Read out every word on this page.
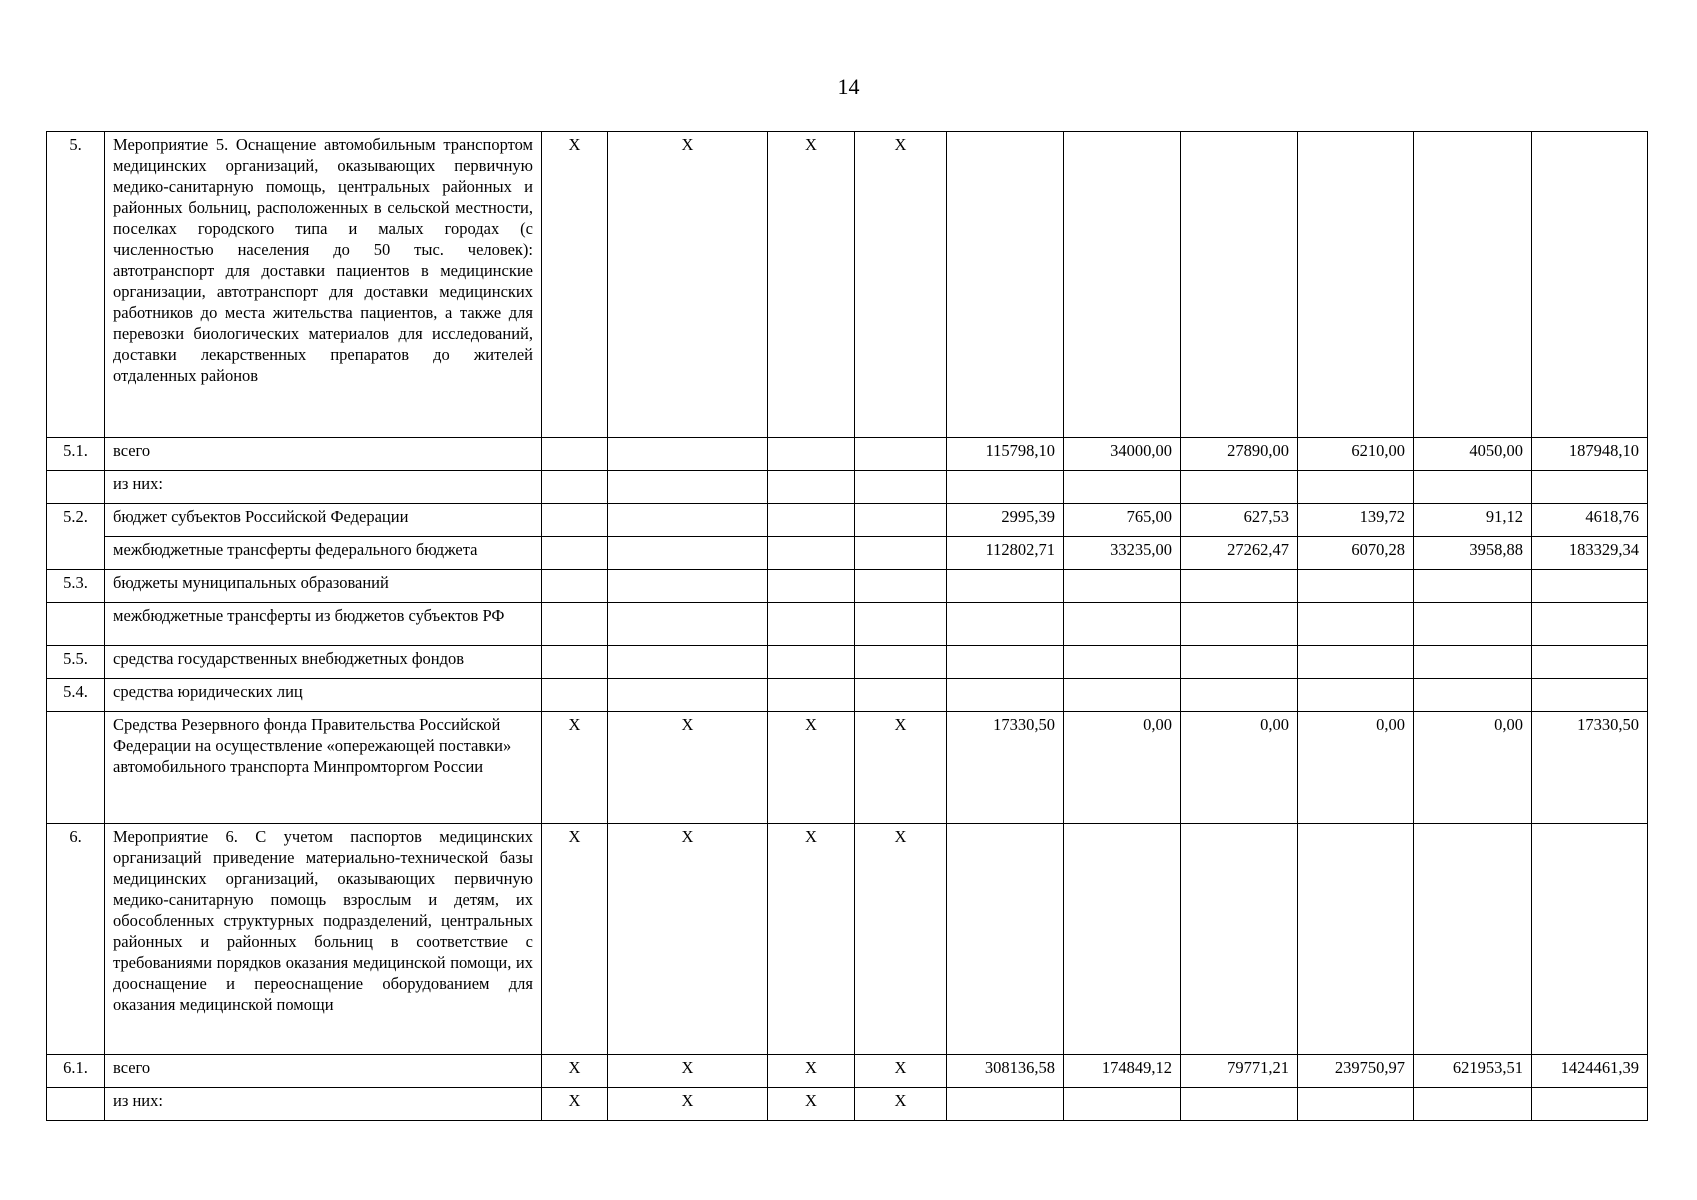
14
5.	Мероприятие 5. Оснащение автомобильным транспортом медицинских организаций, оказывающих первичную медико-санитарную помощь, центральных районных и районных больниц, расположенных в сельской местности, поселках городского типа и малых городах (с численностью населения до 50 тыс. человек): автотранспорт для доставки пациентов в медицинские организации, автотранспорт для доставки медицинских работников до места жительства пациентов, а также для перевозки биологических материалов для исследований, доставки лекарственных препаратов до жителей отдаленных районов	X	X	X	X						
5.1.	всего					115798,10	34000,00	27890,00	6210,00	4050,00	187948,10
	из них:										
5.2.	бюджет субъектов Российской Федерации					2995,39	765,00	627,53	139,72	91,12	4618,76
	межбюджетные трансферты федерального бюджета					112802,71	33235,00	27262,47	6070,28	3958,88	183329,34
5.3.	бюджеты муниципальных образований										
	межбюджетные трансферты из бюджетов субъектов РФ										
5.5.	средства государственных внебюджетных фондов										
5.4.	средства юридических лиц										
	Средства Резервного фонда Правительства Российской Федерации на осуществление «опережающей поставки» автомобильного транспорта Минпромторгом России	X	X	X	X	17330,50	0,00	0,00	0,00	0,00	17330,50
6.	Мероприятие 6. С учетом паспортов медицинских организаций приведение материально-технической базы медицинских организаций, оказывающих первичную медико-санитарную помощь взрослым и детям, их обособленных структурных подразделений, центральных районных и районных больниц в соответствие с требованиями порядков оказания медицинской помощи, их дооснащение и переоснащение оборудованием для оказания медицинской помощи	X	X	X	X						
6.1.	всего	X	X	X	X	308136,58	174849,12	79771,21	239750,97	621953,51	1424461,39
	из них:	X	X	X	X						
